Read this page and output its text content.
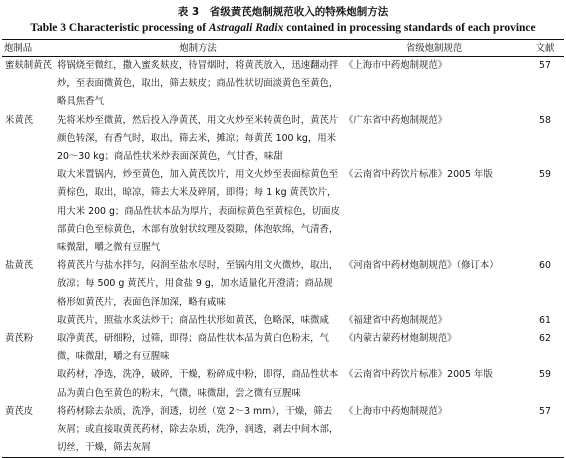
表 3　省级黄芪炮制规范收入的特殊炮制方法
Table 3 Characteristic processing of Astragali Radix contained in processing standards of each province
炮制品	炮制方法	省级炮制规范	文献
蜜麸制黄芪	将锅烧至微红，撒入蜜炙麸皮，待冒烟时，将黄芪放入，迅速翻动拌炒，至表面微黄色，取出，筛去麸皮；商品性状切面淡黄色至黄色，略具焦香气	《上海市中药炮制规范》	57
米黄芪	先将米炒至微黄，然后投入净黄芪，用文火炒至米转黄色时，黄芪片颜色转深，有香气时，取出，筛去米，摊凉；每黄芪 100 kg，用米 20～30 kg；商品性状米炒表面深黄色，气甘香，味甜	《广东省中药炮制规范》	58
	取大米置锅内，炒至黄色，加入黄芪饮片，用文火炒至表面棕黄色至黄棕色，取出，晾凉，筛去大米及碎屑，即得；每 1 kg 黄芪饮片，用大米 200 g；商品性状本品为厚片，表面棕黄色至黄棕色，切面皮部黄白色至棕黄色，木部有放射状纹理及裂隙，体泡软绵，气清香，味微甜，嚼之微有豆腥气	《云南省中药饮片标准》2005 年版	59
盐黄芪	将黄芪片与盐水拌匀，闷润至盐水尽时，至锅内用文火微炒，取出，放凉；每 500 g 黄芪片，用食盐 9 g，加水适量化开澄清；商品规格形如黄芪片，表面色泽加深，略有咸味	《河南省中药材炮制规范》（修订本）	60
	取黄芪片，照盐水炙法炒干；商品性状形如黄芪，色略深，味微咸	《福建省中药炮制规范》	61
黄芪粉	取净黄芪，研细粉，过筛，即得；商品性状本品为黄白色粉末，气微，味微甜，嚼之有豆腥味	《内蒙古蒙药材炮制规范》	62
	取药材，净选，洗净，破碎，干燥，粉碎成中粉，即得，商品性状本品为黄白色至黄色的粉末，气微，味微甜，尝之微有豆腥味	《云南省中药饮片标准》2005 年版	59
黄芪皮	将药材除去杂质，洗净，润透，切丝（宽 2～3 mm），干燥，筛去灰屑；或直接取黄芪药材，除去杂质，洗净，润透，剥去中间木部，切丝，干燥，筛去灰屑	《上海市中药炮制规范》	57
